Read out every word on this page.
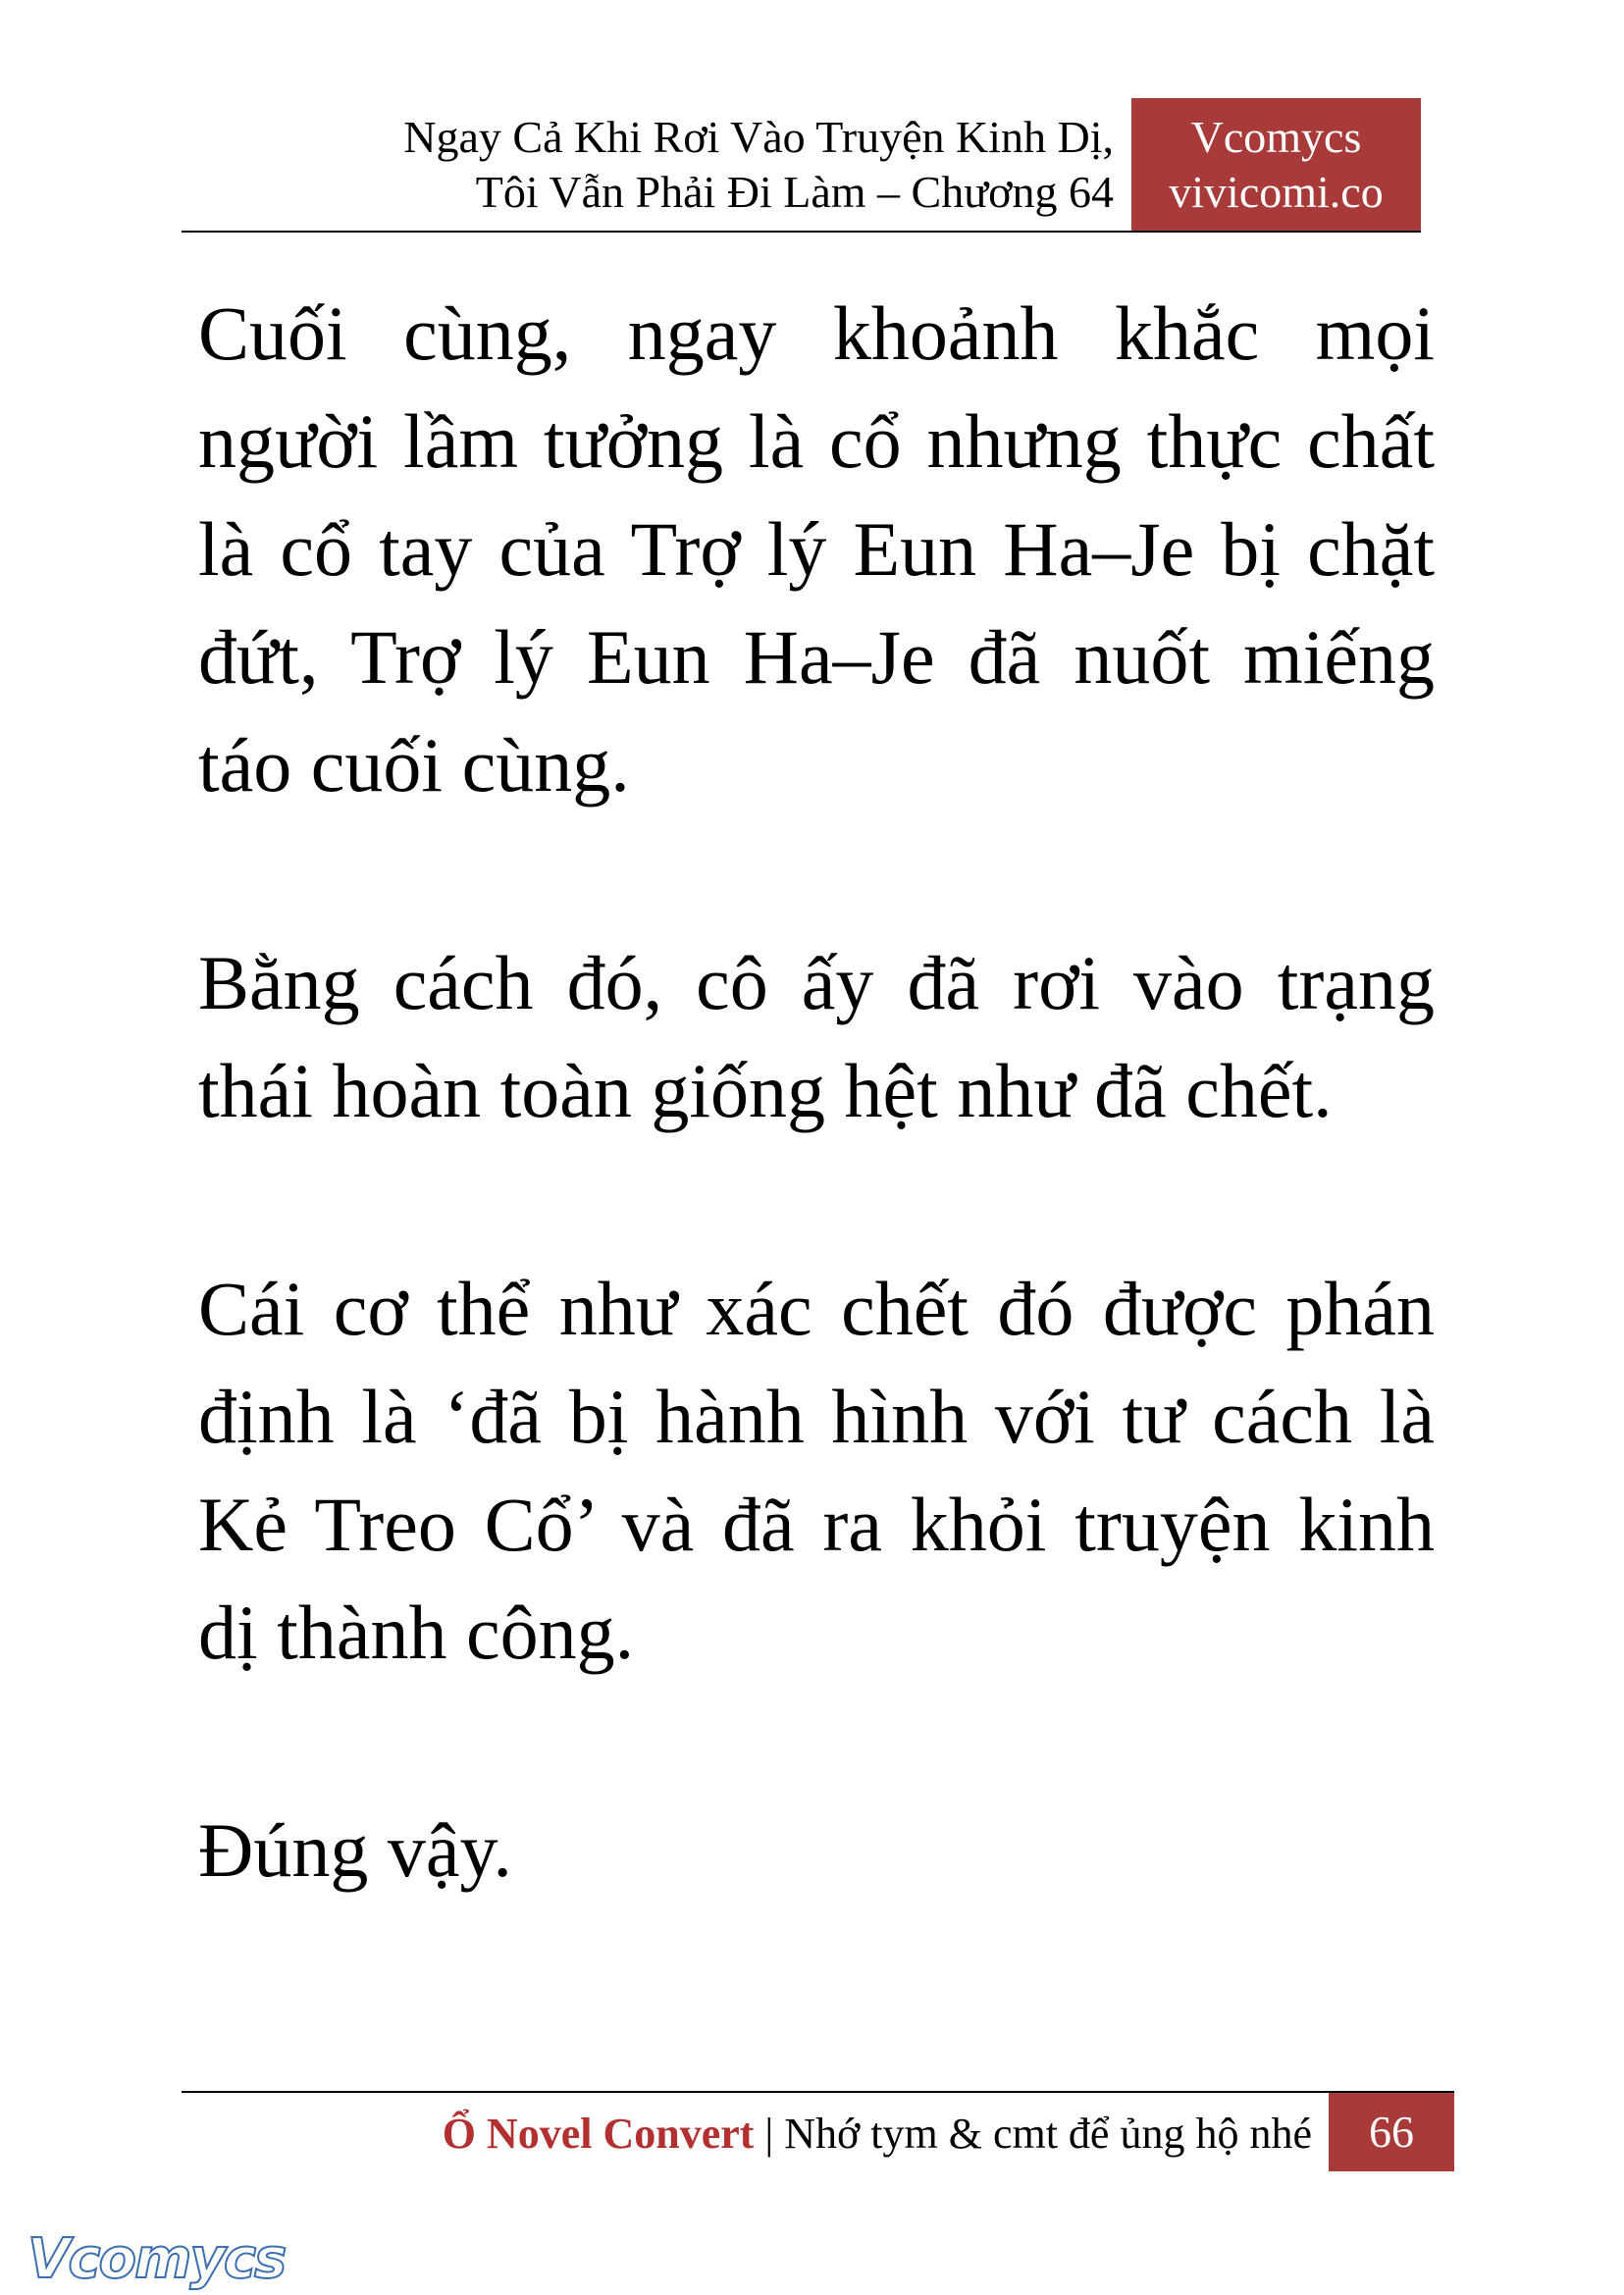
Ngay Cả Khi Rơi Vào Truyện Kinh Dị,
Tôi Vẫn Phải Đi Làm – Chương 64
Vcomycs
vivicomi.co

Cuối cùng, ngay khoảnh khắc mọi người lầm tưởng là cổ nhưng thực chất là cổ tay của Trợ lý Eun Ha–Je bị chặt đứt, Trợ lý Eun Ha–Je đã nuốt miếng táo cuối cùng.

Bằng cách đó, cô ấy đã rơi vào trạng thái hoàn toàn giống hệt như đã chết.

Cái cơ thể như xác chết đó được phán định là ‘đã bị hành hình với tư cách là Kẻ Treo Cổ’ và đã ra khỏi truyện kinh dị thành công.

Đúng vậy.

Ổ Novel Convert | Nhớ tym & cmt để ủng hộ nhé	66
Vcomycs
